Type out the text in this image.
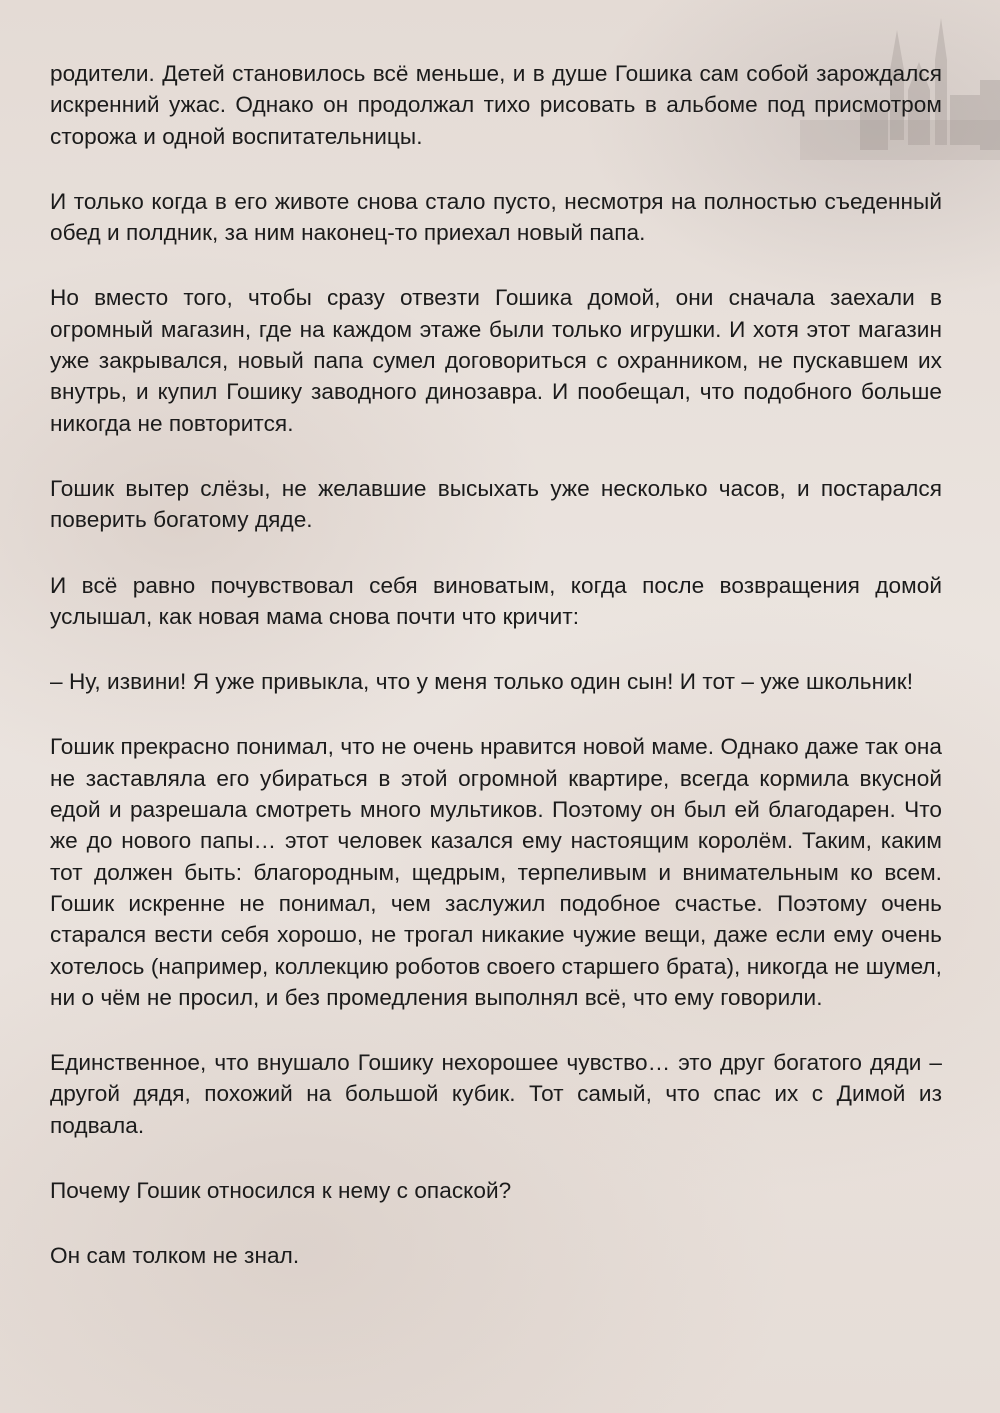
родители. Детей становилось всё меньше, и в душе Гошика сам собой зарождался искренний ужас. Однако он продолжал тихо рисовать в альбоме под присмотром сторожа и одной воспитательницы.

И только когда в его животе снова стало пусто, несмотря на полностью съеденный обед и полдник, за ним наконец-то приехал новый папа.

Но вместо того, чтобы сразу отвезти Гошика домой, они сначала заехали в огромный магазин, где на каждом этаже были только игрушки. И хотя этот магазин уже закрывался, новый папа сумел договориться с охранником, не пускавшем их внутрь, и купил Гошику заводного динозавра. И пообещал, что подобного больше никогда не повторится.

Гошик вытер слёзы, не желавшие высыхать уже несколько часов, и постарался поверить богатому дяде.

И всё равно почувствовал себя виноватым, когда после возвращения домой услышал, как новая мама снова почти что кричит:

– Ну, извини! Я уже привыкла, что у меня только один сын! И тот – уже школьник!

Гошик прекрасно понимал, что не очень нравится новой маме. Однако даже так она не заставляла его убираться в этой огромной квартире, всегда кормила вкусной едой и разрешала смотреть много мультиков. Поэтому он был ей благодарен. Что же до нового папы… этот человек казался ему настоящим королём. Таким, каким тот должен быть: благородным, щедрым, терпеливым и внимательным ко всем. Гошик искренне не понимал, чем заслужил подобное счастье. Поэтому очень старался вести себя хорошо, не трогал никакие чужие вещи, даже если ему очень хотелось (например, коллекцию роботов своего старшего брата), никогда не шумел, ни о чём не просил, и без промедления выполнял всё, что ему говорили.

Единственное, что внушало Гошику нехорошее чувство… это друг богатого дяди – другой дядя, похожий на большой кубик. Тот самый, что спас их с Димой из подвала.

Почему Гошик относился к нему с опаской?

Он сам толком не знал.
